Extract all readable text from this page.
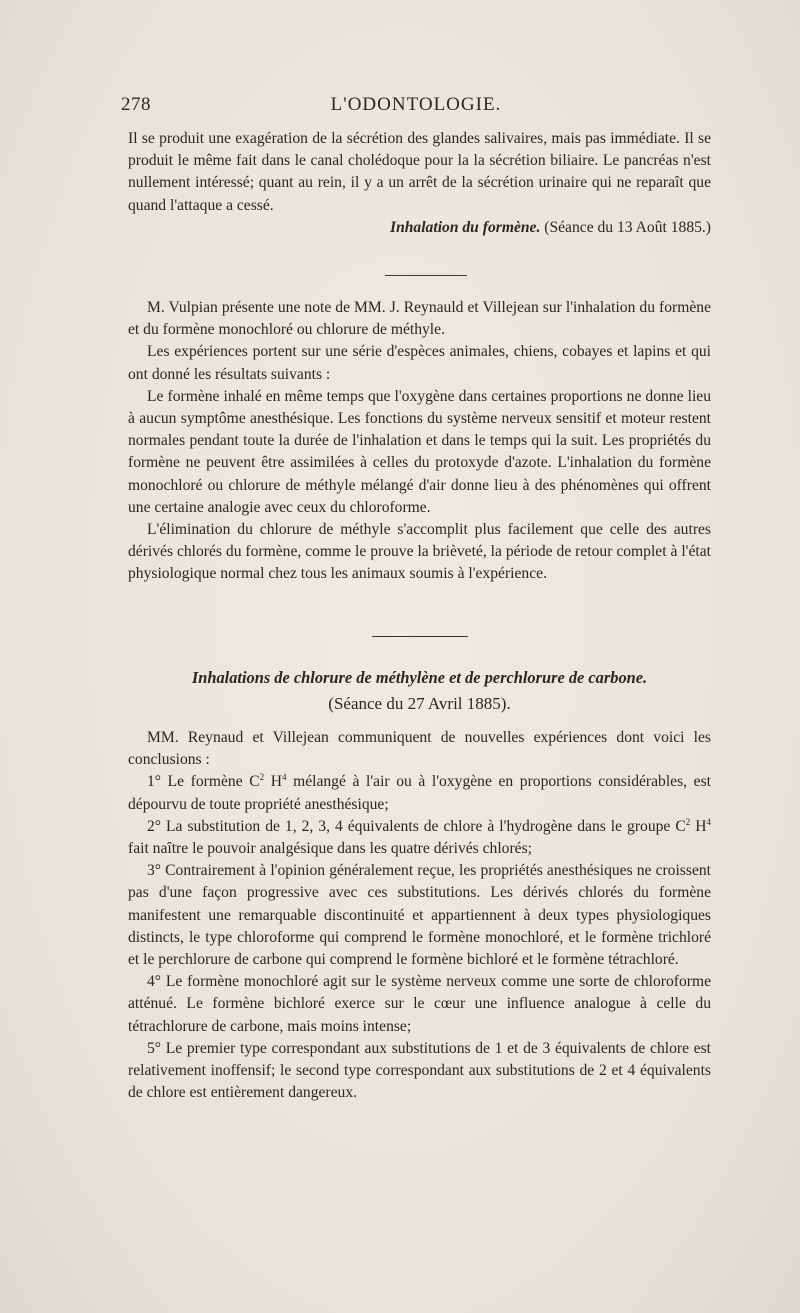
278	L'ODONTOLOGIE.

Il se produit une exagération de la sécrétion des glandes salivaires, mais pas immédiate. Il se produit le même fait dans le canal cholédoque pour la la sécrétion biliaire. Le pancréas n'est nullement intéressé; quant au rein, il y a un arrêt de la sécrétion urinaire qui ne reparaît que quand l'attaque a cessé.

Inhalation du formène. (Séance du 13 Août 1885.)

M. Vulpian présente une note de MM. J. Reynauld et Villejean sur l'inhalation du formène et du formène monochloré ou chlorure de méthyle.

Les expériences portent sur une série d'espèces animales, chiens, cobayes et lapins et qui ont donné les résultats suivants :

Le formène inhalé en même temps que l'oxygène dans certaines proportions ne donne lieu à aucun symptôme anesthésique. Les fonctions du système nerveux sensitif et moteur restent normales pendant toute la durée de l'inhalation et dans le temps qui la suit. Les propriétés du formène ne peuvent être assimilées à celles du protoxyde d'azote. L'inhalation du formène monochloré ou chlorure de méthyle mélangé d'air donne lieu à des phénomènes qui offrent une certaine analogie avec ceux du chloroforme.

L'élimination du chlorure de méthyle s'accomplit plus facilement que celle des autres dérivés chlorés du formène, comme le prouve la brièveté, la période de retour complet à l'état physiologique normal chez tous les animaux soumis à l'expérience.

Inhalations de chlorure de méthylène et de perchlorure de carbone.
(Séance du 27 Avril 1885).

MM. Reynaud et Villejean communiquent de nouvelles expériences dont voici les conclusions :

1° Le formène $C^2$ $H^4$ mélangé à l'air ou à l'oxygène en proportions considérables, est dépourvu de toute propriété anesthésique;

2° La substitution de 1, 2, 3, 4 équivalents de chlore à l'hydrogène dans le groupe $C^2$ $H^4$ fait naître le pouvoir analgésique dans les quatre dérivés chlorés;

3° Contrairement à l'opinion généralement reçue, les propriétés anesthésiques ne croissent pas d'une façon progressive avec ces substitutions. Les dérivés chlorés du formène manifestent une remarquable discontinuité et appartiennent à deux types physiologiques distincts, le type chloroforme qui comprend le formène monochloré, et le formène trichloré et le perchlorure de carbone qui comprend le formène bichloré et le formène tétrachloré.

4° Le formène monochloré agit sur le système nerveux comme une sorte de chloroforme atténué. Le formène bichloré exerce sur le cœur une influence analogue à celle du tétrachlorure de carbone, mais moins intense;

5° Le premier type correspondant aux substitutions de 1 et de 3 équivalents de chlore est relativement inoffensif; le second type correspondant aux substitutions de 2 et 4 équivalents de chlore est entièrement dangereux.
